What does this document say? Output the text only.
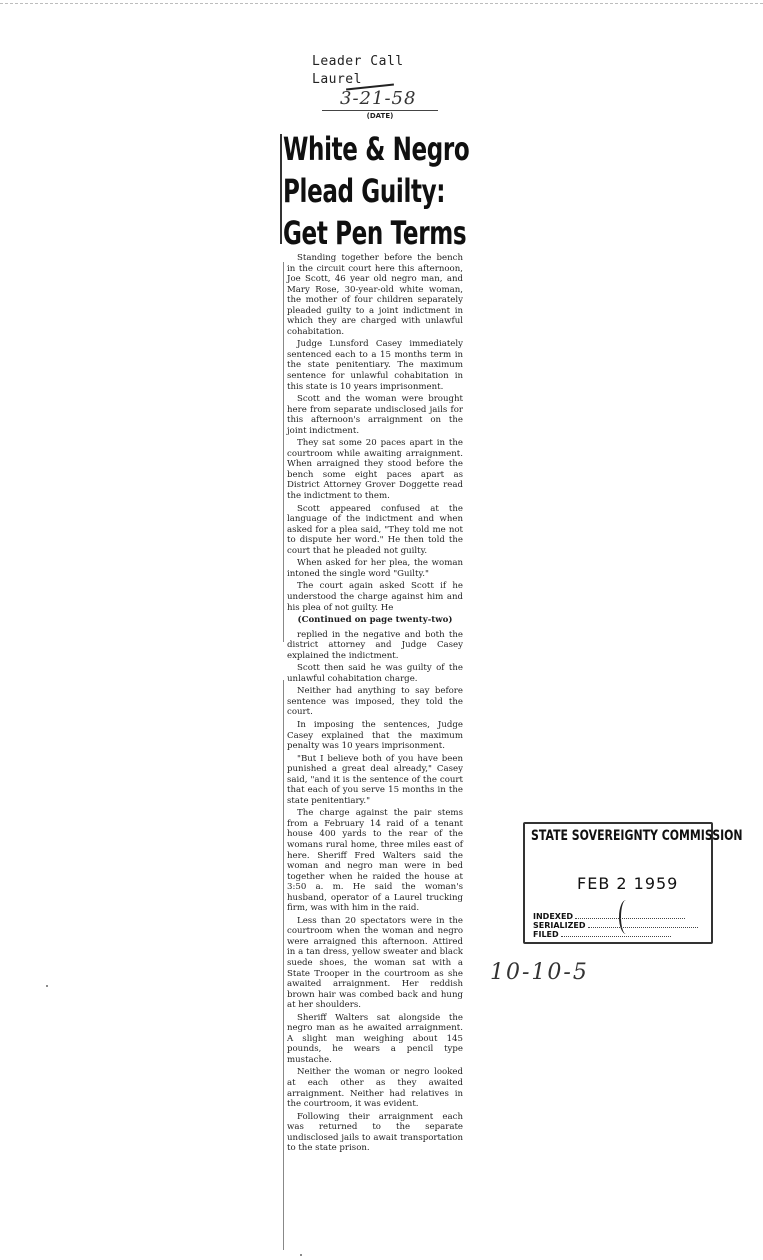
Leader Call
Laurel
3-21-58
(DATE)
White & Negro
Plead Guilty:
Get Pen Terms

Standing together before the bench in the circuit court here this afternoon, Joe Scott, 46 year old negro man, and Mary Rose, 30-year-old white woman, the mother of four children separately pleaded guilty to a joint indictment in which they are charged with unlawful cohabitation.

Judge Lunsford Casey immediately sentenced each to a 15 months term in the state penitentiary. The maximum sentence for unlawful cohabitation in this state is 10 years imprisonment.

Scott and the woman were brought here from separate undisclosed jails for this afternoon's arraignment on the joint indictment.

They sat some 20 paces apart in the courtroom while awaiting arraignment. When arraigned they stood before the bench some eight paces apart as District Attorney Grover Doggette read the indictment to them.

Scott appeared confused at the language of the indictment and when asked for a plea said, "They told me not to dispute her word." He then told the court that he pleaded not guilty.

When asked for her plea, the woman intoned the single word "Guilty."

The court again asked Scott if he understood the charge against him and his plea of not guilty. He

(Continued on page twenty-two)

replied in the negative and both the district attorney and Judge Casey explained the indictment.

Scott then said he was guilty of the unlawful cohabitation charge.

Neither had anything to say before sentence was imposed, they told the court.

In imposing the sentences, Judge Casey explained that the maximum penalty was 10 years imprisonment.

"But I believe both of you have been punished a great deal already," Casey said, "and it is the sentence of the court that each of you serve 15 months in the state penitentiary."

The charge against the pair stems from a February 14 raid of a tenant house 400 yards to the rear of the womans rural home, three miles east of here. Sheriff Fred Walters said the woman and negro man were in bed together when he raided the house at 3:50 a. m. He said the woman's husband, operator of a Laurel trucking firm, was with him in the raid.

Less than 20 spectators were in the courtroom when the woman and negro were arraigned this afternoon. Attired in a tan dress, yellow sweater and black suede shoes, the woman sat with a State Trooper in the courtroom as she awaited arraignment. Her reddish brown hair was combed back and hung at her shoulders.

Sheriff Walters sat alongside the negro man as he awaited arraignment. A slight man weighing about 145 pounds, he wears a pencil type mustache.

Neither the woman or negro looked at each other as they awaited arraignment. Neither had relatives in the courtroom, it was evident.

Following their arraignment each was returned to the separate undisclosed jails to await transportation to the state prison.

STATE SOVEREIGNTY COMMISSION
FEB 2 1959
INDEXED
SERIALIZED
FILED
10-10-5
